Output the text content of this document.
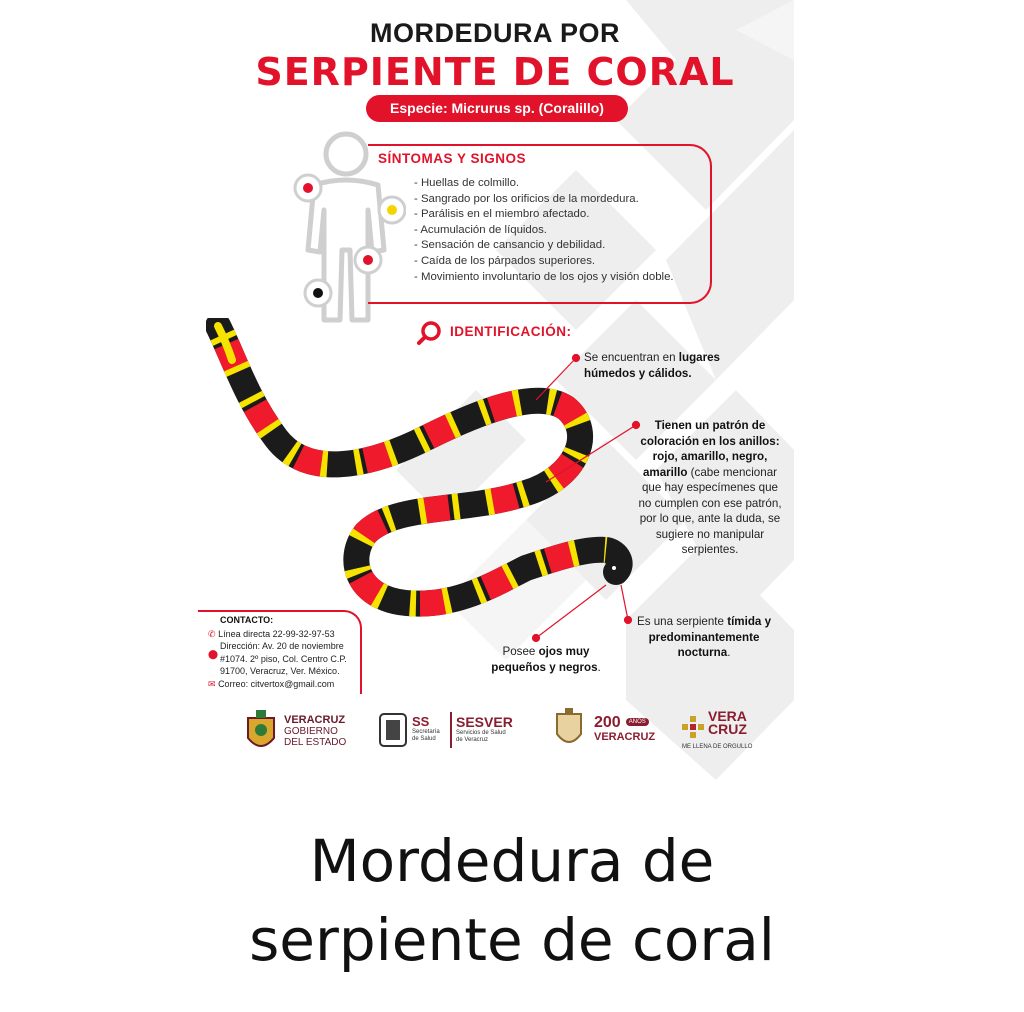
MORDEDURA POR
SERPIENTE DE CORAL
Especie: Micrurus sp. (Coralillo)
SÍNTOMAS Y SIGNOS
- Huellas de colmillo.
- Sangrado por los orificios de la mordedura.
- Parálisis en el miembro afectado.
- Acumulación de líquidos.
- Sensación de cansancio y debilidad.
- Caída de los párpados superiores.
- Movimiento involuntario de los ojos y visión doble.
IDENTIFICACIÓN:
Se encuentran en lugares húmedos y cálidos.
Tienen un patrón de coloración en los anillos: rojo, amarillo, negro, amarillo (cabe mencionar que hay especímenes que no cumplen con ese patrón, por lo que, ante la duda, se sugiere no manipular serpientes.
Es una serpiente tímida y predominantemente nocturna.
Posee ojos muy pequeños y negros.
CONTACTO:
✆ Línea directa 22-99-32-97-53
⬤
Dirección: Av. 20 de noviembre
#1074. 2º piso, Col. Centro C.P.
91700, Veracruz, Ver. México.
✉ Correo: citvertox@gmail.com
VERACRUZ
GOBIERNO
DEL ESTADO
SS
Secretaría
de Salud
SESVER
Servicios de Salud
de Veracruz
200 AÑOS
VERACRUZ
VERA
CRUZ
ME LLENA DE ORGULLO
Mordedura de
serpiente de coral
